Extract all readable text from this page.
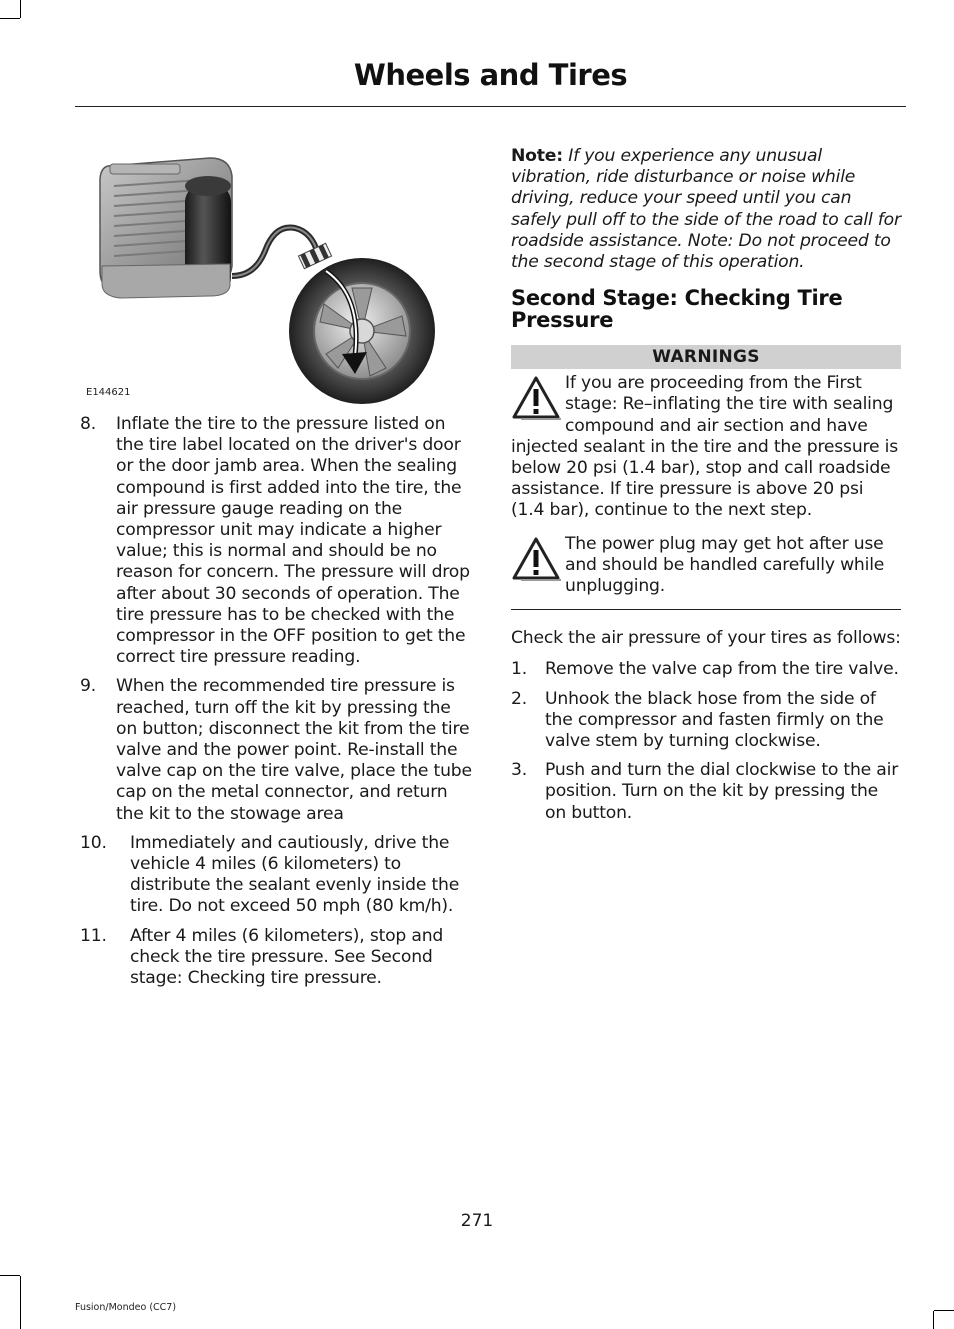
Wheels and Tires
E144621
8. Inflate the tire to the pressure listed on the tire label located on the driver's door or the door jamb area. When the sealing compound is first added into the tire, the air pressure gauge reading on the compressor unit may indicate a higher value; this is normal and should be no reason for concern. The pressure will drop after about 30 seconds of operation. The tire pressure has to be checked with the compressor in the OFF position to get the correct tire pressure reading.
9. When the recommended tire pressure is reached, turn off the kit by pressing the on button; disconnect the kit from the tire valve and the power point. Re-install the valve cap on the tire valve, place the tube cap on the metal connector, and return the kit to the stowage area
10. Immediately and cautiously, drive the vehicle 4 miles (6 kilometers) to distribute the sealant evenly inside the tire. Do not exceed 50 mph (80 km/h).
11. After 4 miles (6 kilometers), stop and check the tire pressure. See Second stage: Checking tire pressure.

Note: If you experience any unusual vibration, ride disturbance or noise while driving, reduce your speed until you can safely pull off to the side of the road to call for roadside assistance. Note: Do not proceed to the second stage of this operation.

Second Stage: Checking Tire Pressure
WARNINGS
If you are proceeding from the First stage: Re–inflating the tire with sealing compound and air section and have injected sealant in the tire and the pressure is below 20 psi (1.4 bar), stop and call roadside assistance. If tire pressure is above 20 psi (1.4 bar), continue to the next step.
The power plug may get hot after use and should be handled carefully while unplugging.

Check the air pressure of your tires as follows:

1. Remove the valve cap from the tire valve.
2. Unhook the black hose from the side of the compressor and fasten firmly on the valve stem by turning clockwise.
3. Push and turn the dial clockwise to the air position. Turn on the kit by pressing the on button.
271
Fusion/Mondeo (CC7)
